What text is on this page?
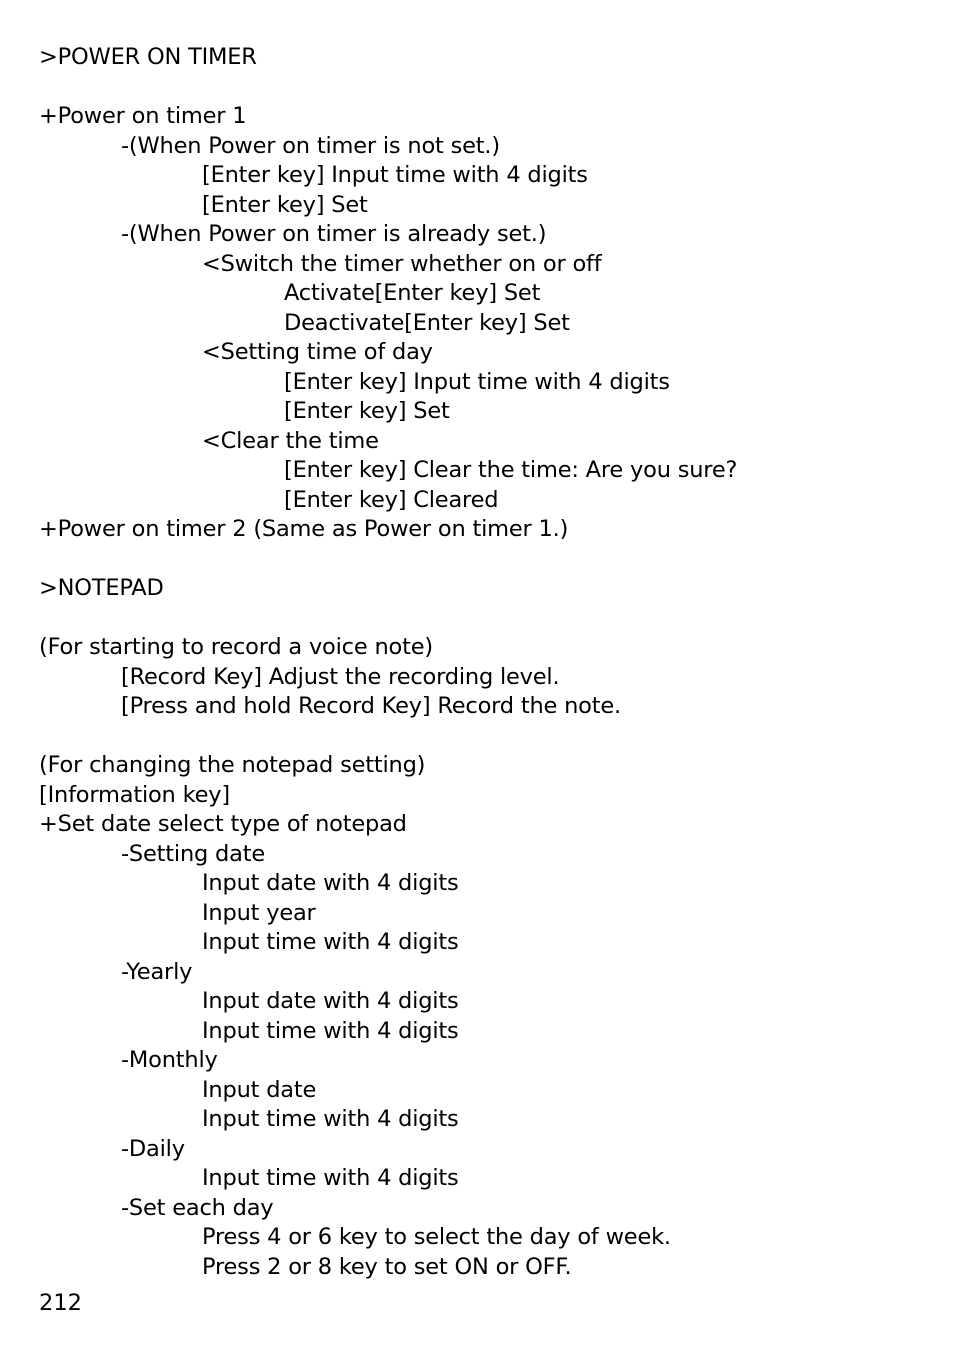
>POWER ON TIMER
+Power on timer 1
-(When Power on timer is not set.)
[Enter key] Input time with 4 digits
[Enter key] Set
-(When Power on timer is already set.)
<Switch the timer whether on or off
Activate[Enter key] Set
Deactivate[Enter key] Set
<Setting time of day
[Enter key] Input time with 4 digits
[Enter key] Set
<Clear the time
[Enter key] Clear the time: Are you sure?
[Enter key] Cleared
+Power on timer 2 (Same as Power on timer 1.)
>NOTEPAD
(For starting to record a voice note)
[Record Key] Adjust the recording level.
[Press and hold Record Key] Record the note.
(For changing the notepad setting)
[Information key]
+Set date select type of notepad
-Setting date
Input date with 4 digits
Input year
Input time with 4 digits
-Yearly
Input date with 4 digits
Input time with 4 digits
-Monthly
Input date
Input time with 4 digits
-Daily
Input time with 4 digits
-Set each day
Press 4 or 6 key to select the day of week.
Press 2 or 8 key to set ON or OFF.
212
